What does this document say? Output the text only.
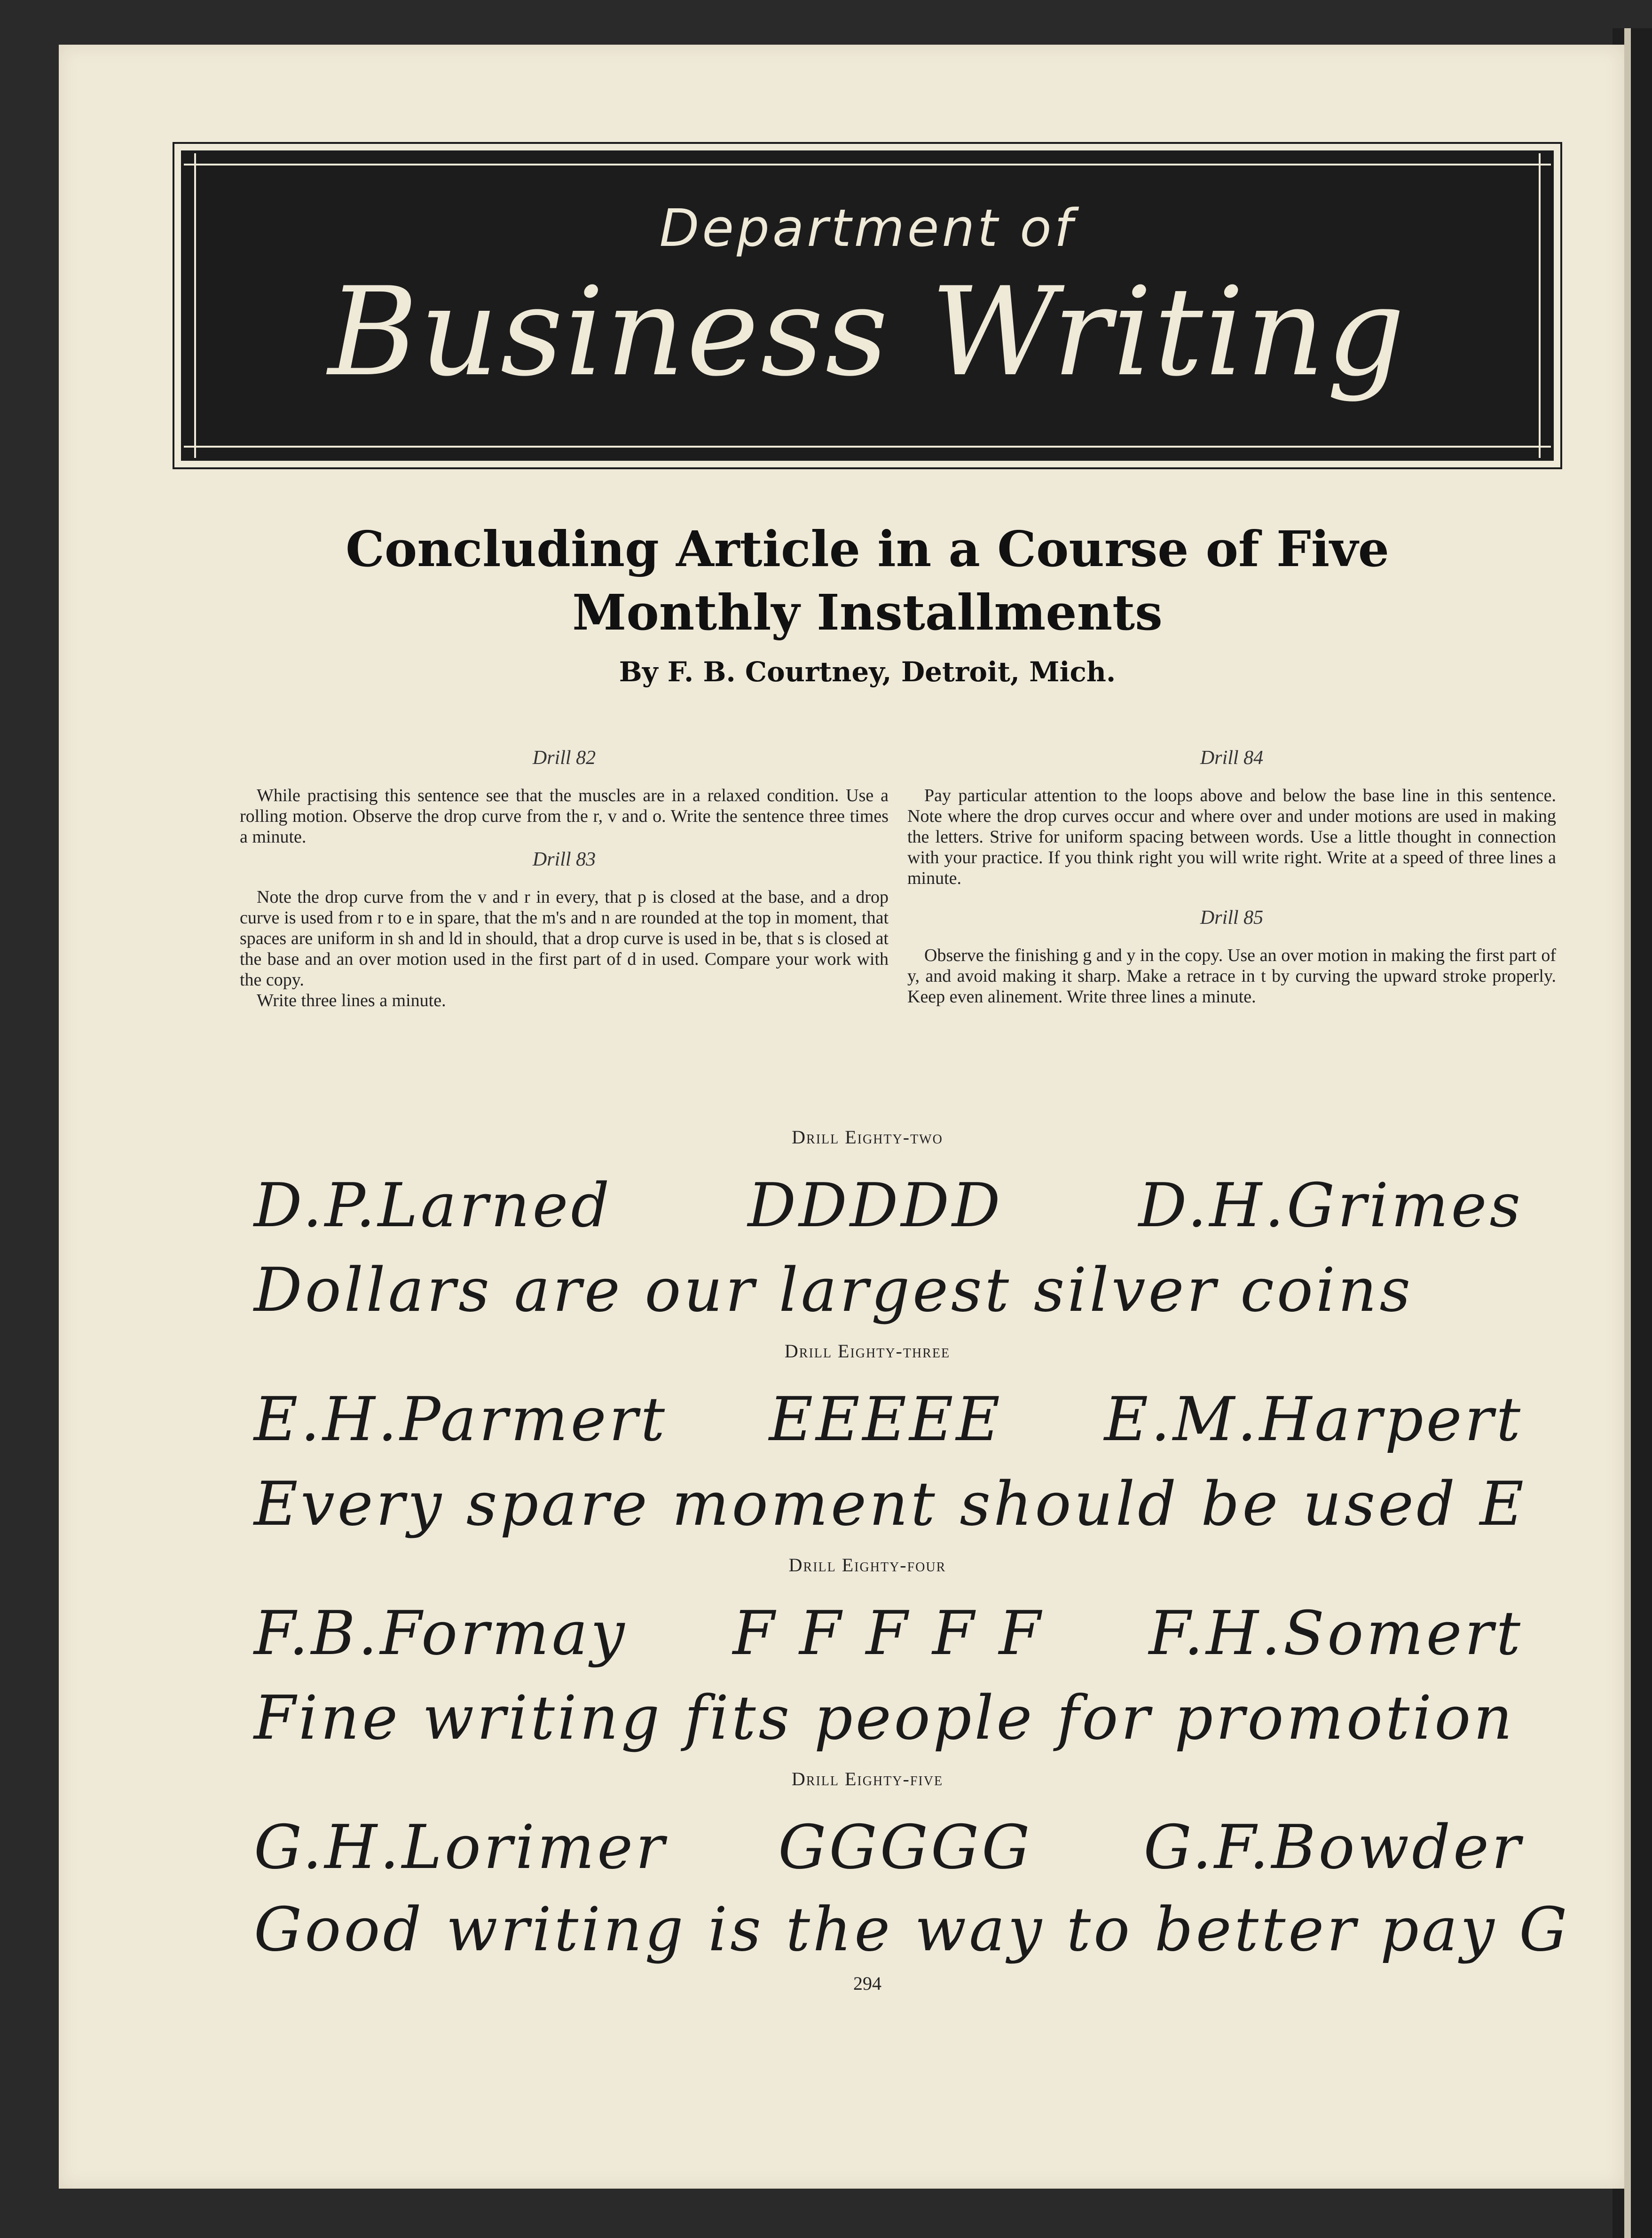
Department of
Business Writing
Concluding Article in a Course of Five
Monthly Installments
By F. B. Courtney, Detroit, Mich.

Drill 82

While practising this sentence see that the muscles are in a relaxed condition. Use a rolling motion. Observe the drop curve from the r, v and o. Write the sentence three times a minute.

Drill 83

Note the drop curve from the v and r in every, that p is closed at the base, and a drop curve is used from r to e in spare, that the m's and n are rounded at the top in moment, that spaces are uniform in sh and ld in should, that a drop curve is used in be, that s is closed at the base and an over motion used in the first part of d in used. Compare your work with the copy.

Write three lines a minute.

Drill 84

Pay particular attention to the loops above and below the base line in this sentence. Note where the drop curves occur and where over and under motions are used in making the letters. Strive for uniform spacing between words. Use a little thought in connection with your practice. If you think right you will write right. Write at a speed of three lines a minute.

Drill 85

Observe the finishing g and y in the copy. Use an over motion in making the first part of y, and avoid making it sharp. Make a retrace in t by curving the upward stroke properly. Keep even alinement. Write three lines a minute.

Drill Eighty-two
D.P.Larned DDDDD D.H.Grimes
Dollars are our largest silver coins
Drill Eighty-three
E.H.Parmert EEEEE E.M.Harpert
Every spare moment should be used E
Drill Eighty-four
F.B.Formay F F F F F F.H.Somert
Fine writing fits people for promotion
Drill Eighty-five
G.H.Lorimer GGGGG G.F.Bowder
Good writing is the way to better pay G
294
